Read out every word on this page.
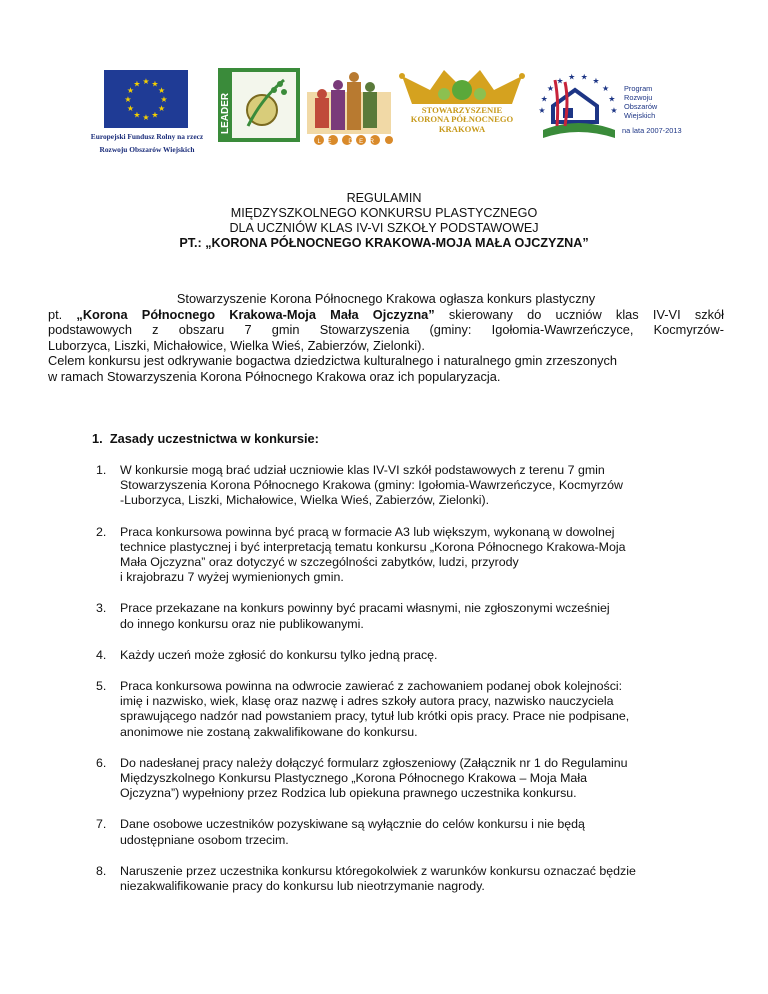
★
★
★
★
★
★
★
★
★ ★ ★
★
Europejski Fundusz Rolny na rzecz
Rozwoju Obszarów Wiejskich
LEADER
LEADER
STOWARZYSZENIE
KORONA PÓŁNOCNEGO
KRAKOWA
★
★
★
★ ★ ★ ★
★
★
★
Program
Rozwoju
Obszarów
Wiejskich
na lata 2007-2013
REGULAMIN
MIĘDZYSZKOLNEGO KONKURSU PLASTYCZNEGO
DLA UCZNIÓW KLAS IV-VI SZKOŁY PODSTAWOWEJ
PT.: „KORONA PÓŁNOCNEGO KRAKOWA-MOJA MAŁA OJCZYZNA”
Stowarzyszenie Korona Północnego Krakowa ogłasza konkurs plastyczny
pt. „Korona Północnego Krakowa-Moja Mała Ojczyzna” skierowany do uczniów klas IV-VI szkół
podstawowych z obszaru 7 gmin Stowarzyszenia (gminy: Igołomia-Wawrzeńczyce, Kocmyrzów-
Luborzyca, Liszki, Michałowice, Wielka Wieś, Zabierzów, Zielonki).
Celem konkursu jest odkrywanie bogactwa dziedzictwa kulturalnego i naturalnego gmin zrzeszonych
w ramach Stowarzyszenia Korona Północnego Krakowa oraz ich popularyzacja.
1. Zasady uczestnictwa w konkursie:
1. W konkursie mogą brać udział uczniowie klas IV-VI szkół podstawowych z terenu 7 gmin
Stowarzyszenia Korona Północnego Krakowa (gminy: Igołomia-Wawrzeńczyce, Kocmyrzów
-Luborzyca, Liszki, Michałowice, Wielka Wieś, Zabierzów, Zielonki).
2. Praca konkursowa powinna być pracą w formacie A3 lub większym, wykonaną w dowolnej
technice plastycznej i być interpretacją tematu konkursu „Korona Północnego Krakowa-Moja
Mała Ojczyzna” oraz dotyczyć w szczególności zabytków, ludzi, przyrody
i krajobrazu 7 wyżej wymienionych gmin.
3. Prace przekazane na konkurs powinny być pracami własnymi, nie zgłoszonymi wcześniej
do innego konkursu oraz nie publikowanymi.
4. Każdy uczeń może zgłosić do konkursu tylko jedną pracę.
5. Praca konkursowa powinna na odwrocie zawierać z zachowaniem podanej obok kolejności:
imię i nazwisko, wiek, klasę oraz nazwę i adres szkoły autora pracy, nazwisko nauczyciela
sprawującego nadzór nad powstaniem pracy, tytuł lub krótki opis pracy. Prace nie podpisane,
anonimowe nie zostaną zakwalifikowane do konkursu.
6. Do nadesłanej pracy należy dołączyć formularz zgłoszeniowy (Załącznik nr 1 do Regulaminu
Międzyszkolnego Konkursu Plastycznego „Korona Północnego Krakowa – Moja Mała
Ojczyzna”) wypełniony przez Rodzica lub opiekuna prawnego uczestnika konkursu.
7. Dane osobowe uczestników pozyskiwane są wyłącznie do celów konkursu i nie będą
udostępniane osobom trzecim.
8. Naruszenie przez uczestnika konkursu któregokolwiek z warunków konkursu oznaczać będzie
niezakwalifikowanie pracy do konkursu lub nieotrzymanie nagrody.
